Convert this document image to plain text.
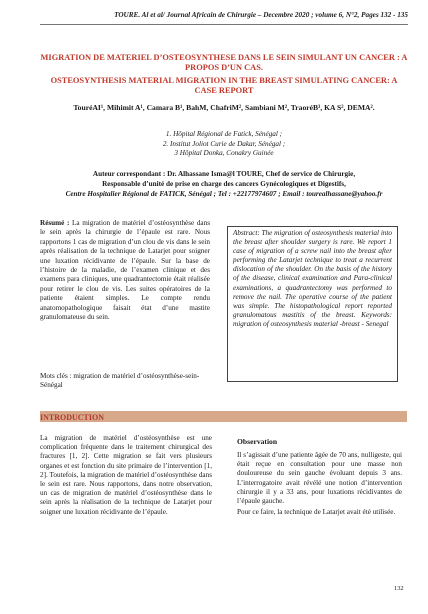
TOURE. Al et al/ Journal Africain de Chirurgie – Decembre 2020 ; volume 6, N°2, Pages 132 - 135
MIGRATION DE MATERIEL D’OSTEOSYNTHESE DANS LE SEIN SIMULANT UN CANCER : A PROPOS D’UN CAS.
OSTEOSYNTHESIS MATERIAL MIGRATION IN THE BREAST SIMULATING CANCER: A CASE REPORT
TouréAI¹, Mihimit A¹, Camara B¹, BahM, ChafriM², Sambiani M², TraoréB³, KA S², DEMA².
1. Hôpital Régional de Fatick, Sénégal ;
2. Institut Joliot Curie de Dakar, Sénégal ;
3 Hôpital Donka, Conakry Guinée
Auteur correspondant : Dr. Alhassane Isma@l TOURE, Chef de service de Chirurgie,
Responsable d’unité de prise en charge des cancers Gynécologiques et Digestifs,
Centre Hospitalier Régional de FATICK, Sénégal ; Tel : +22177974607 ; Email : tourealhassane@yahoo.fr
Résumé : La migration de matériel d’ostéosynthèse dans le sein après la chirurgie de l’épaule est rare. Nous rapportons 1 cas de migration d’un clou de vis dans le sein après réalisation de la technique de Latarjet pour soigner une luxation récidivante de l’épaule. Sur la base de l’histoire de la maladie, de l’examen clinique et des examens para cliniques, une quadrantectomie était réalisée pour retirer le clou de vis. Les suites opératoires de la patiente étaient simples. Le compte rendu anatomopathologique faisait état d’une mastite granulomateuse du sein.
Mots clés : migration de matériel d’ostéosynthèse-sein-Sénégal
Abstract: The migration of osteosynthesis material into the breast after shoulder surgery is rare. We report 1 case of migration of a screw nail into the breast after performing the Latarjet technique to treat a recurrent dislocation of the shoulder. On the basis of the history of the disease, clinical examination and Para-clinical examinations, a quadrantectomy was performed to remove the nail. The operative course of the patient was simple. The histopathological report reported granulomatous mastitis of the breast. Keywords: migration of osteosynthesis material -breast - Senegal
INTRODUCTION
La migration de matériel d’ostéosynthèse est une complication fréquente dans le traitement chirurgical des fractures [1, 2]. Cette migration se fait vers plusieurs organes et est fonction du site primaire de l’intervention [1, 2]. Toutefois, la migration de matériel d’ostéosynthèse dans le sein est rare. Nous rapportons, dans notre observation, un cas de migration de matériel d’ostéosynthèse dans le sein après la réalisation de la technique de Latarjet pour soigner une luxation récidivante de l’épaule.
Observation

Il s’agissait d’une patiente âgée de 70 ans, nulligeste, qui était reçue en consultation pour une masse non douloureuse du sein gauche évoluant depuis 3 ans. L’interrogatoire avait révélé une notion d’intervention chirurgie il y a 33 ans, pour luxations récidivantes de l’épaule gauche.

Pour ce faire, la technique de Latarjet avait été utilisée.

132
